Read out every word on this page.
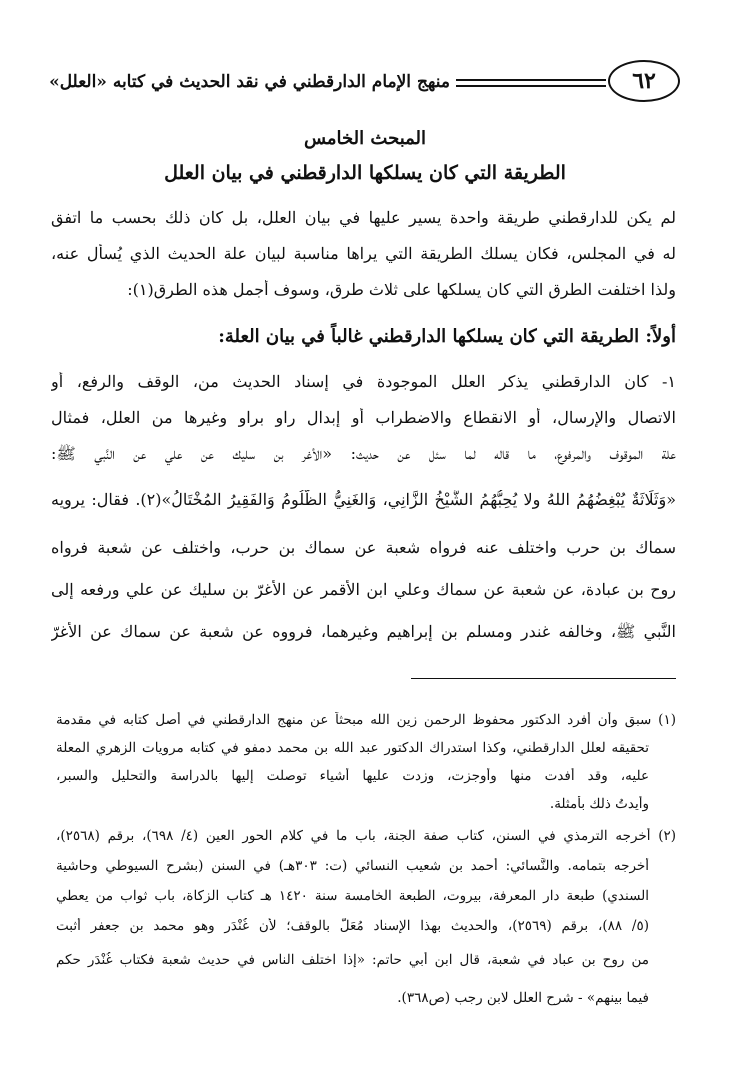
٦٢
منهج الإمام الدارقطني في نقد الحديث في كتابه «العلل»
المبحث الخامس
الطريقة التي كان يسلكها الدارقطني في بيان العلل
لم يكن للدارقطني طريقة واحدة يسير عليها في بيان العلل، بل كان ذلك بحسب ما اتفق
له في المجلس، فكان يسلك الطريقة التي يراها مناسبة لبيان علة الحديث الذي يُسأل عنه،
ولذا اختلفت الطرق التي كان يسلكها على ثلاث طرق، وسوف أجمل هذه الطرق(١):
أولاً: الطريقة التي كان يسلكها الدارقطني غالباً في بيان العلة:
١- كان الدارقطني يذكر العلل الموجودة في إسناد الحديث من، الوقف والرفع، أو
الاتصال والإرسال، أو الانقطاع والاضطراب أو إبدال راوٍ براوٍ وغيرها من العلل، فمثال
علة الموقوف والمرفوع، ما قاله لما سئل عن حديث: «الأغر بن سليك عن علي عن النَّبي ﷺ:
«وَثَلَاثَةٌ يُبْغِضُهُمُ اللهُ ولا يُحِبُّهُمُ الشَّيْخُ الزَّانِي، وَالغَنِيُّ الظَّلُومُ وَالفَقِيرُ المُخْتَالُ»(٢). فقال: يرويه
سماك بن حرب واختلف عنه فرواه شعبة عن سماك بن حرب، واختلف عن شعبة فرواه
روح بن عبادة، عن شعبة عن سماك وعلي ابن الأقمر عن الأغرّ بن سليك عن علي ورفعه إلى
النَّبي ﷺ، وخالفه غندر ومسلم بن إبراهيم وغيرهما، فرووه عن شعبة عن سماك عن الأغرّ
(١) سبق وأن أفرد الدكتور محفوظ الرحمن زين الله مبحثاً عن منهج الدارقطني في أصل كتابه في مقدمة
تحقيقه لعلل الدارقطني، وكذا استدراك الدكتور عبد الله بن محمد دمفو في كتابه مرويات الزهري المعلة
عليه، وقد أفدت منها وأوجزت، وزدت عليها أشياء توصلت إليها بالدراسة والتحليل والسبر،
وأيدتُ ذلك بأمثلة.
(٢) أخرجه الترمذي في السنن، كتاب صفة الجنة، باب ما في كلام الحور العين (٤/ ٦٩٨)، برقم (٢٥٦٨)،
أخرجه بتمامه. والنَّسائي: أحمد بن شعيب النسائي (ت: ٣٠٣هـ) في السنن (بشرح السيوطي وحاشية
السندي) طبعة دار المعرفة، بيروت، الطبعة الخامسة سنة ١٤٢٠ هـ كتاب الزكاة، باب ثواب من يعطي
(٥/ ٨٨)، برقم (٢٥٦٩)، والحديث بهذا الإسناد مُعَلٌّ بالوقف؛ لأن غُنْدَر وهو محمد بن جعفر أثبت
من روح بن عباد في شعبة، قال ابن أبي حاتم: «إذا اختلف الناس في حديث شعبة فكتاب غُنْدَر حكم
فيما بينهم» - شرح العلل لابن رجب (ص٣٦٨).
